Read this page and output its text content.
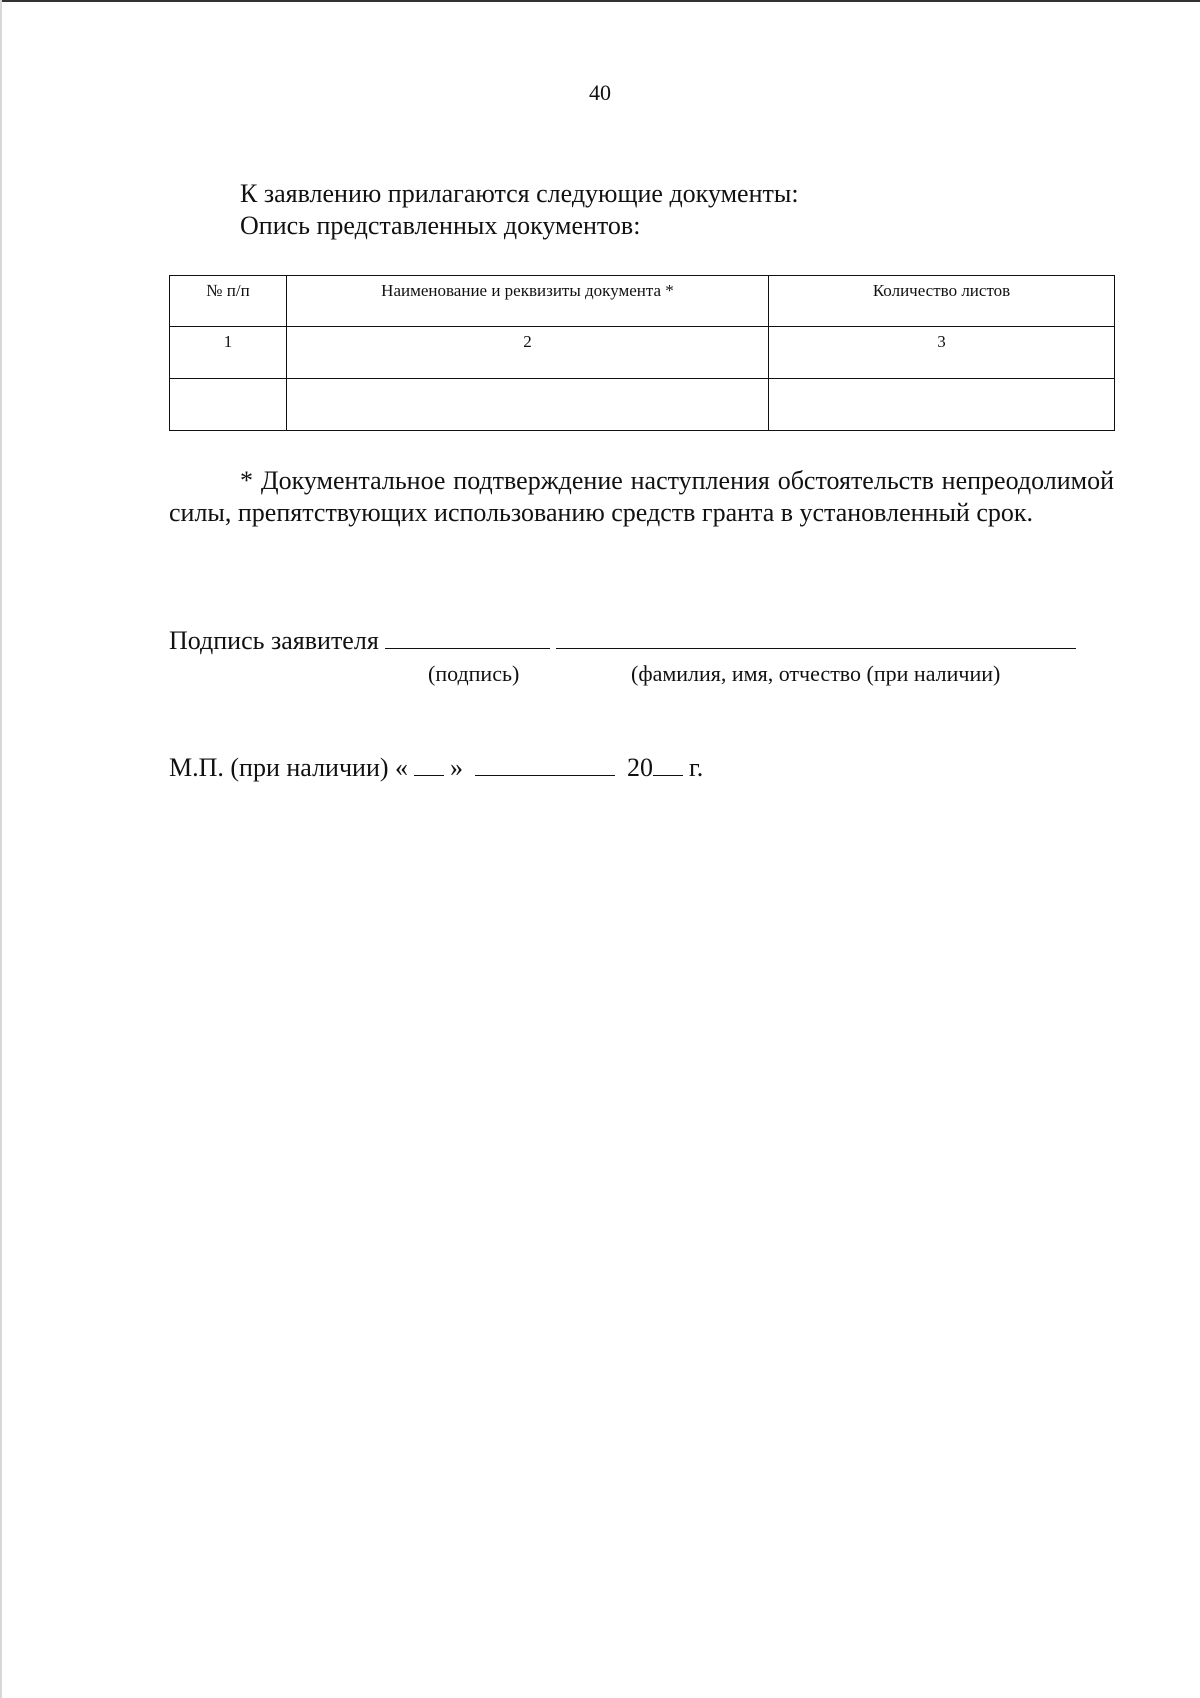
40
К заявлению прилагаются следующие документы:
Опись представленных документов:
№ п/п	Наименование и реквизиты документа *	Количество листов
1	2	3

* Документальное подтверждение наступления обстоятельств непреодолимой силы, препятствующих использованию средств гранта в установленный срок.
Подпись заявителя
(подпись)	(фамилия, имя, отчество (при наличии)
М.П. (при наличии) « »	20 г.
